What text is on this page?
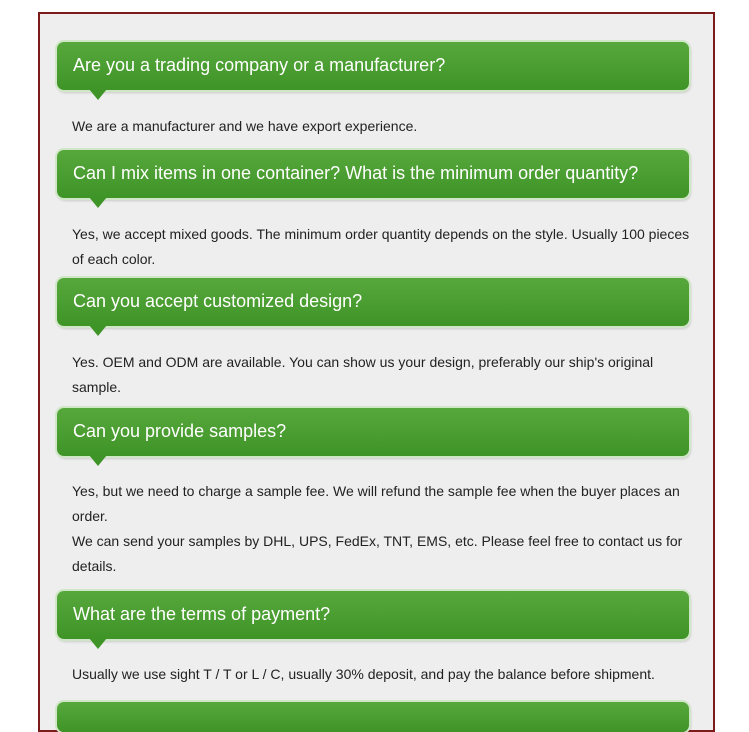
Are you a trading company or a manufacturer?

We are a manufacturer and we have export experience.

Can I mix items in one container? What is the minimum order quantity?

Yes, we accept mixed goods. The minimum order quantity depends on the style. Usually 100 pieces of each color.

Can you accept customized design?

Yes. OEM and ODM are available. You can show us your design, preferably our ship's original sample.

Can you provide samples?

Yes, but we need to charge a sample fee. We will refund the sample fee when the buyer places an order.

We can send your samples by DHL, UPS, FedEx, TNT, EMS, etc. Please feel free to contact us for details.

What are the terms of payment?

Usually we use sight T / T or L / C, usually 30% deposit, and pay the balance before shipment.
